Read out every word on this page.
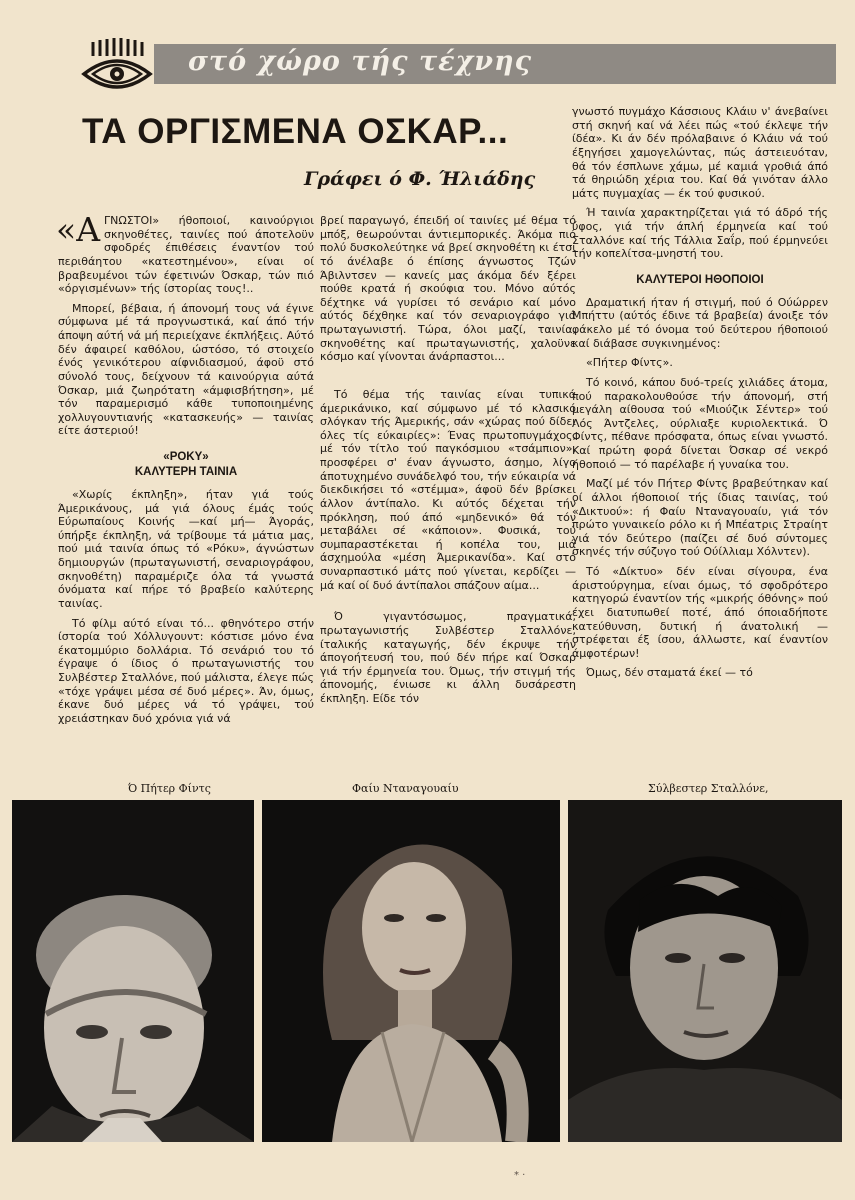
στό χώρο τής τέχνης
ΤΑ ΟΡΓΙΣΜΕΝΑ ΟΣΚΑΡ...
Γράφει ό Φ. Ήλιάδης

«ΑΓΝΩΣΤΟΙ» ήθοποιοί, καινούργιοι σκηνοθέτες, ταινίες πού άποτελοϋν σφοδρές έπιθέσεις έναντίον τού περιθάητου «κατεστημένου», είναι οί βραβευμένοι τών έφετινών Όσκαρ, τών πιό «όργισμένων» τής ίστορίας τους!..

Μπορεί, βέβαια, ή άπονομή τους νά έγινε σύμφωνα μέ τά προγνωστικά, καί άπό τήν άποψη αύτή νά μή περιείχανε έκπλήξεις. Αύτό δέν άφαιρεί καθόλου, ώστόσο, τό στοιχείο ένός γενικότερου αίφνιδιασμού, άφοϋ στό σύνολό τους, δείχνουν τά καινούργια αύτά Όσκαρ, μιά ζωηρότατη «άμφισβήτηση», μέ τόν παραμερισμό κάθε τυποποιημένης χολλυγουντιανής «κατασκευής» — ταινίας είτε άστεριού!

«ΡΟΚΥ»
ΚΑΛΥΤΕΡΗ ΤΑΙΝΙΑ

«Χωρίς έκπληξη», ήταν γιά τούς Άμερικάνους, μά γιά όλους έμάς τούς Εύρωπαίους Κοινής —καί μή— Άγοράς, ύπήρξε έκπληξη, νά τρίβουμε τά μάτια μας, πού μιά ταινία όπως τό «Ρόκυ», άγνώστων δημιουργών (πρωταγωνιστή, σεναριογράφου, σκηνοθέτη) παραμέριζε όλα τά γνωστά όνόματα καί πήρε τό βραβείο καλύτερης ταινίας.

Τό φίλμ αύτό είναι τό... φθηνότερο στήν ίστορία τού Χόλλυγουντ: κόστισε μόνο ένα έκατομμύριο δολλάρια. Τό σενάριό του τό έγραψε ό ίδιος ό πρωταγωνιστής του Συλβέστερ Σταλλόνε, πού μάλιστα, έλεγε πώς «τόχε γράψει μέσα σέ δυό μέρες». Άν, όμως, έκανε δυό μέρες νά τό γράψει, τού χρειάστηκαν δυό χρόνια γιά νά

βρεί παραγωγό, έπειδή οί ταινίες μέ θέμα τό μπόξ, θεωρούνται άντιεμπορικές. Άκόμα πιό πολύ δυσκολεύτηκε νά βρεί σκηνοθέτη κι έτσι τό άνέλαβε ό έπίσης άγνωστος Τζών Άβιλντσεν — κανείς μας άκόμα δέν ξέρει πούθε κρατά ή σκούφια του. Μόνο αύτός δέχτηκε νά γυρίσει τό σενάριο καί μόνο αύτός δέχθηκε καί τόν σεναριογράφο γιά πρωταγωνιστή. Τώρα, όλοι μαζί, ταινία, σκηνοθέτης καί πρωταγωνιστής, χαλοϋνε κόσμο καί γίνονται άνάρπαστοι...

Τό θέμα τής ταινίας είναι τυπικά άμερικάνικο, καί σύμφωνο μέ τό κλασικό σλόγκαν τής Άμερικής, σάν «χώρας πού δίδει όλες τίς εύκαιρίες»: Ένας πρωτοπυγμάχος, μέ τόν τίτλο τού παγκόσμιου «τσάμπιον», προσφέρει σ' έναν άγνωστο, άσημο, λίγο άποτυχημένο συνάδελφό του, τήν εύκαιρία νά διεκδικήσει τό «στέμμα», άφοϋ δέν βρίσκει άλλον άντίπαλο. Κι αύτός δέχεται τήν πρόκληση, πού άπό «μηδενικό» θά τόν μεταβάλει σέ «κάποιον». Φυσικά, τού συμπαραστέκεται ή κοπέλα του, μιά άσχημούλα «μέση Άμερικανίδα». Καί στό συναρπαστικό μάτς πού γίνεται, κερδίζει — μά καί οί δυό άντίπαλοι σπάζουν αίμα...

Ό γιγαντόσωμος, πραγματικά, πρωταγωνιστής Συλβέστερ Σταλλόνε, ίταλικής καταγωγής, δέν έκρυψε τήν άπογοήτευσή του, πού δέν πήρε καί Όσκαρ γιά τήν έρμηνεία του. Όμως, τήν στιγμή τής άπονομής, ένιωσε κι άλλη δυσάρεστη έκπληξη. Είδε τόν

γνωστό πυγμάχο Κάσσιους Κλάιυ ν' άνεβαίνει στή σκηνή καί νά λέει πώς «τού έκλεψε τήν ίδέα». Κι άν δέν πρόλαβαινε ό Κλάιυ νά τού έξηγήσει χαμογελώντας, πώς άστειευόταν, θά τόν έσπλωνε χάμω, μέ καμιά γροθιά άπό τά θηριώδη χέρια του. Καί θά γινόταν άλλο μάτς πυγμαχίας — έκ τού φυσικού.

Ή ταινία χαρακτηρίζεται γιά τό άδρό τής ύφος, γιά τήν άπλή έρμηνεία καί τού Σταλλόνε καί τής Τάλλια Σαΐρ, πού έρμηνεύει τήν κοπελίτσα-μνηστή του.

ΚΑΛΥΤΕΡΟΙ ΗΘΟΠΟΙΟΙ

Δραματική ήταν ή στιγμή, πού ό Ούώρρεν Μπήττυ (αύτός έδινε τά βραβεία) άνοιξε τόν φάκελο μέ τό όνομα τού δεύτερου ήθοποιού καί διάβασε συγκινημένος:

«Πήτερ Φίντς».

Τό κοινό, κάπου δυό-τρείς χιλιάδες άτομα, πού παρακολουθούσε τήν άπονομή, στή μεγάλη αίθουσα τού «Μιούζικ Σέντερ» τού Λός Άντζελες, ούρλιαξε κυριολεκτικά. Ό Φίντς, πέθανε πρόσφατα, όπως είναι γνωστό. Καί πρώτη φορά δίνεται Όσκαρ σέ νεκρό ήθοποιό — τό παρέλαβε ή γυναίκα του.

Μαζί μέ τόν Πήτερ Φίντς βραβεύτηκαν καί οί άλλοι ήθοποιοί τής ίδιας ταινίας, τού «Δικτυού»: ή Φαίυ Νταναγουαίυ, γιά τόν πρώτο γυναικείο ρόλο κι ή Μπέατρις Στραίητ γιά τόν δεύτερο (παίζει σέ δυό σύντομες σκηνές τήν σύζυγο τού Ούίλλιαμ Χόλντεν).

Τό «Δίκτυο» δέν είναι σίγουρα, ένα άριστούργημα, είναι όμως, τό σφοδρότερο κατηγορώ έναντίον τής «μικρής όθόνης» πού έχει διατυπωθεί ποτέ, άπό όποιαδήποτε κατεύθυνση, δυτική ή άνατολική — στρέφεται έξ ίσου, άλλωστε, καί έναντίον άμφοτέρων!

Όμως, δέν σταματά έκεί — τό

Ό Πήτερ Φίντς	Φαίυ Νταναγουαίυ	Σύλβεστερ Σταλλόνε,
* ·
